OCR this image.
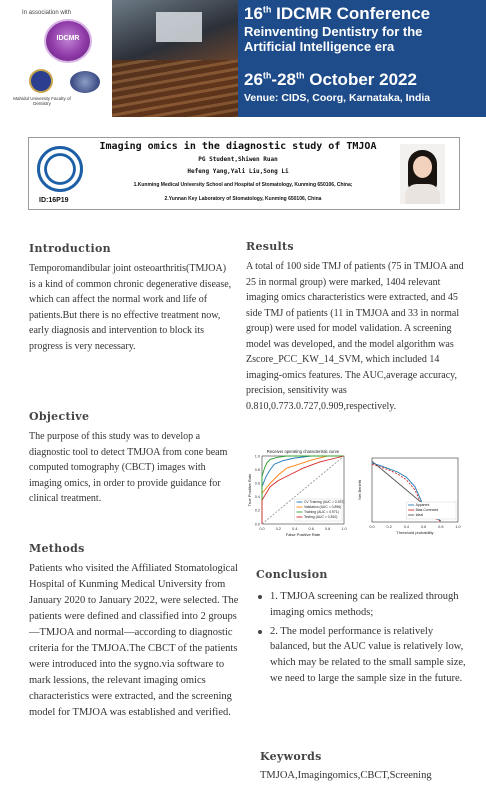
In association with
IDCMR
Mahidol University Faculty of Dentistry
16th IDCMR Conference
Reinventing Dentistry for the
Artificial Intelligence era
26th-28th October 2022
Venue: CIDS, Coorg, Karnataka, India
ID:16P19
Imaging omics in the diagnostic study of TMJOA
PG Student,Shiwen Ruan
Hefeng Yang,Yali Liu,Song Li
1.Kunming Medical University School and Hospital of Stomatology, Kunming 650106, China;
2.Yunnan Key Laboratory of Stomatology, Kunming 650106, China
Introduction

Temporomandibular joint osteoarthritis(TMJOA) is a kind of common chronic degenerative disease, which can affect the normal work and life of patients.But there is no effective treatment now, early diagnosis and intervention to block its progress is very necessary.

Objective

The purpose of this study was to develop a diagnostic tool to detect TMJOA from cone beam computed tomography (CBCT) images with imaging omics, in order to provide guidance for clinical treatment.

Methods

Patients who visited the Affiliated Stomatological Hospital of Kunming Medical University from January 2020 to January 2022, were selected. The patients were defined and classified into 2 groups—TMJOA and normal—according to diagnostic criteria for the TMJOA.The CBCT of the patients were introduced into the sygno.via software to mark lessions, the relevant imaging omics characteristics were extracted, and the screening model for TMJOA was established and verified.

Results

A total of 100 side TMJ of patients (75 in TMJOA and 25 in normal group) were marked, 1404 relevant imaging omics characteristics were extracted, and 45 side TMJ of patients (11 in TMJOA and 33 in normal group) were used for model validation. A screening model was developed, and the model algorithm was Zscore_PCC_KW_14_SVM, which included 14 imaging-omics features. The AUC,average accuracy, precision, sensitivity was 0.810,0.773.0.727,0.909,respectively.

Receiver operating characteristic curve
0.0	0.2	0.4	0.6	0.8	1.0
0.0
0.2
0.4
0.6
0.8
1.0
False Positive Rate
True Positive Rate	CV Training (AUC = 0.937)
Validation (AUC = 0.896)
Training (AUC = 0.971)
Testing (AUC = 0.810)
0.0	0.2	0.4	0.6	0.8	1.0
Threshold probability
Net Benefit
Apparent
Bias-Corrected
Ideal
Conclusion
1. TMJOA screening can be realized through imaging omics methods;
2. The model performance is relatively balanced, but the AUC value is relatively low, which may be related to the small sample size, we need to large the sample size in the future.
Keywords

TMJOA,Imagingomics,CBCT,Screening
